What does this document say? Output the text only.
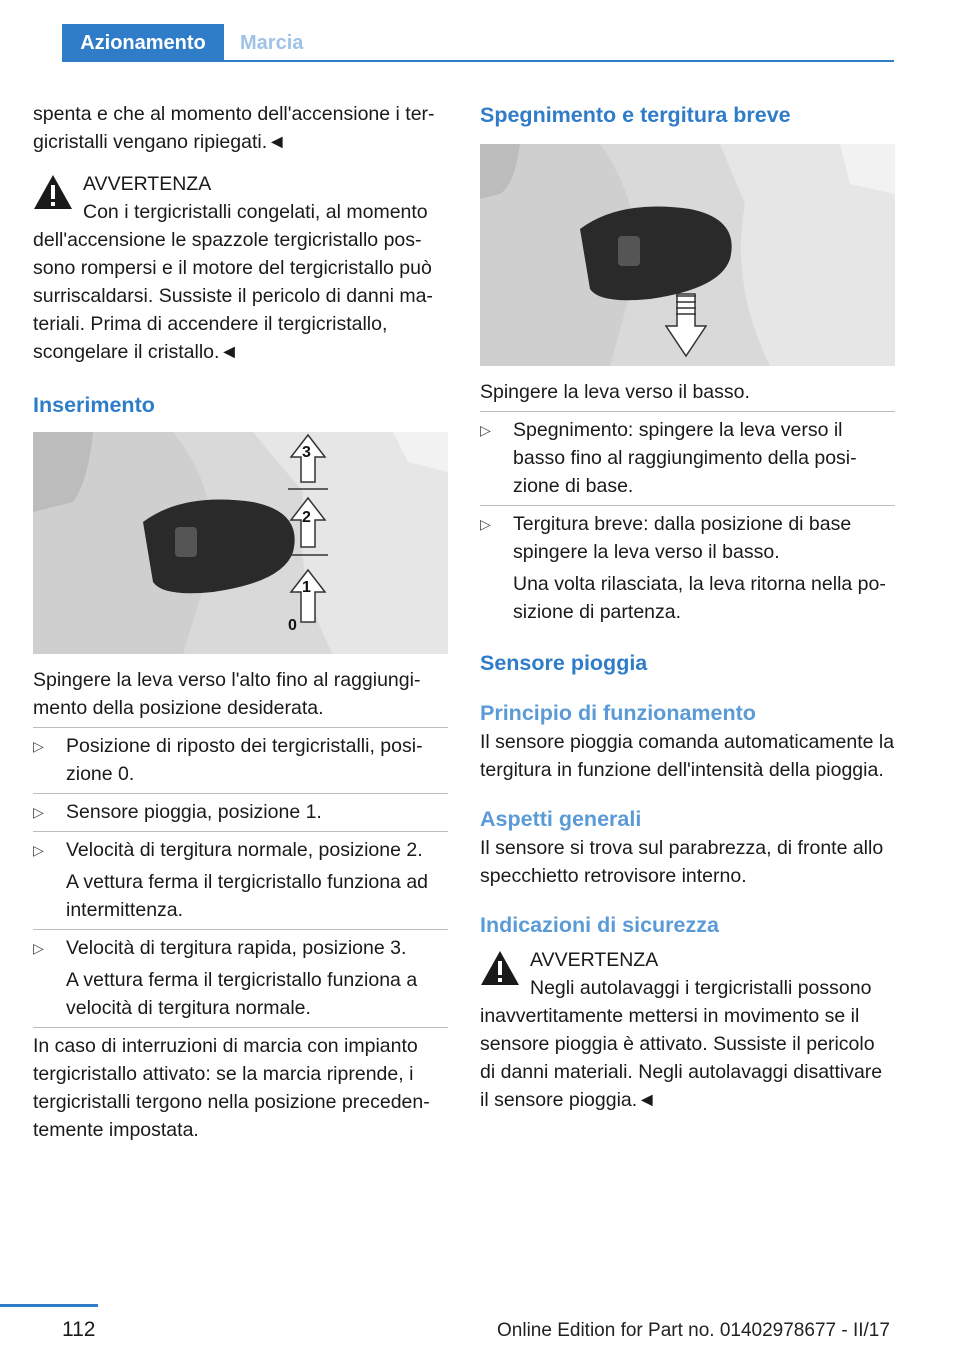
Azionamento	Marcia

spenta e che al momento dell'accensione i tergicristalli vengano ripiegati.◄

AVVERTENZA

Con i tergicristalli congelati, al momento

dell'accensione le spazzole tergicristallo possono rompersi e il motore del tergicristallo può surriscaldarsi. Sussiste il pericolo di danni materiali. Prima di accendere il tergicristallo, scongelare il cristallo.◄

Inserimento

1
2
3
0

Spingere la leva verso l'alto fino al raggiungimento della posizione desiderata.

▷ Posizione di riposto dei tergicristalli, posizione 0.
▷ Sensore pioggia, posizione 1.
▷ Velocità di tergitura normale, posizione 2.

A vettura ferma il tergicristallo funziona ad intermittenza.

▷ Velocità di tergitura rapida, posizione 3.

A vettura ferma il tergicristallo funziona a velocità di tergitura normale.

In caso di interruzioni di marcia con impianto tergicristallo attivato: se la marcia riprende, i tergicristalli tergono nella posizione precedentemente impostata.

Spegnimento e tergitura breve

Spingere la leva verso il basso.

▷ Spegnimento: spingere la leva verso il basso fino al raggiungimento della posizione di base.
▷ Tergitura breve: dalla posizione di base spingere la leva verso il basso.

Una volta rilasciata, la leva ritorna nella posizione di partenza.

Sensore pioggia

Principio di funzionamento

Il sensore pioggia comanda automaticamente la tergitura in funzione dell'intensità della pioggia.

Aspetti generali

Il sensore si trova sul parabrezza, di fronte allo specchietto retrovisore interno.

Indicazioni di sicurezza

AVVERTENZA

Negli autolavaggi i tergicristalli possono

inavvertitamente mettersi in movimento se il sensore pioggia è attivato. Sussiste il pericolo di danni materiali. Negli autolavaggi disattivare il sensore pioggia.◄

112	Online Edition for Part no. 01402978677 - II/17
